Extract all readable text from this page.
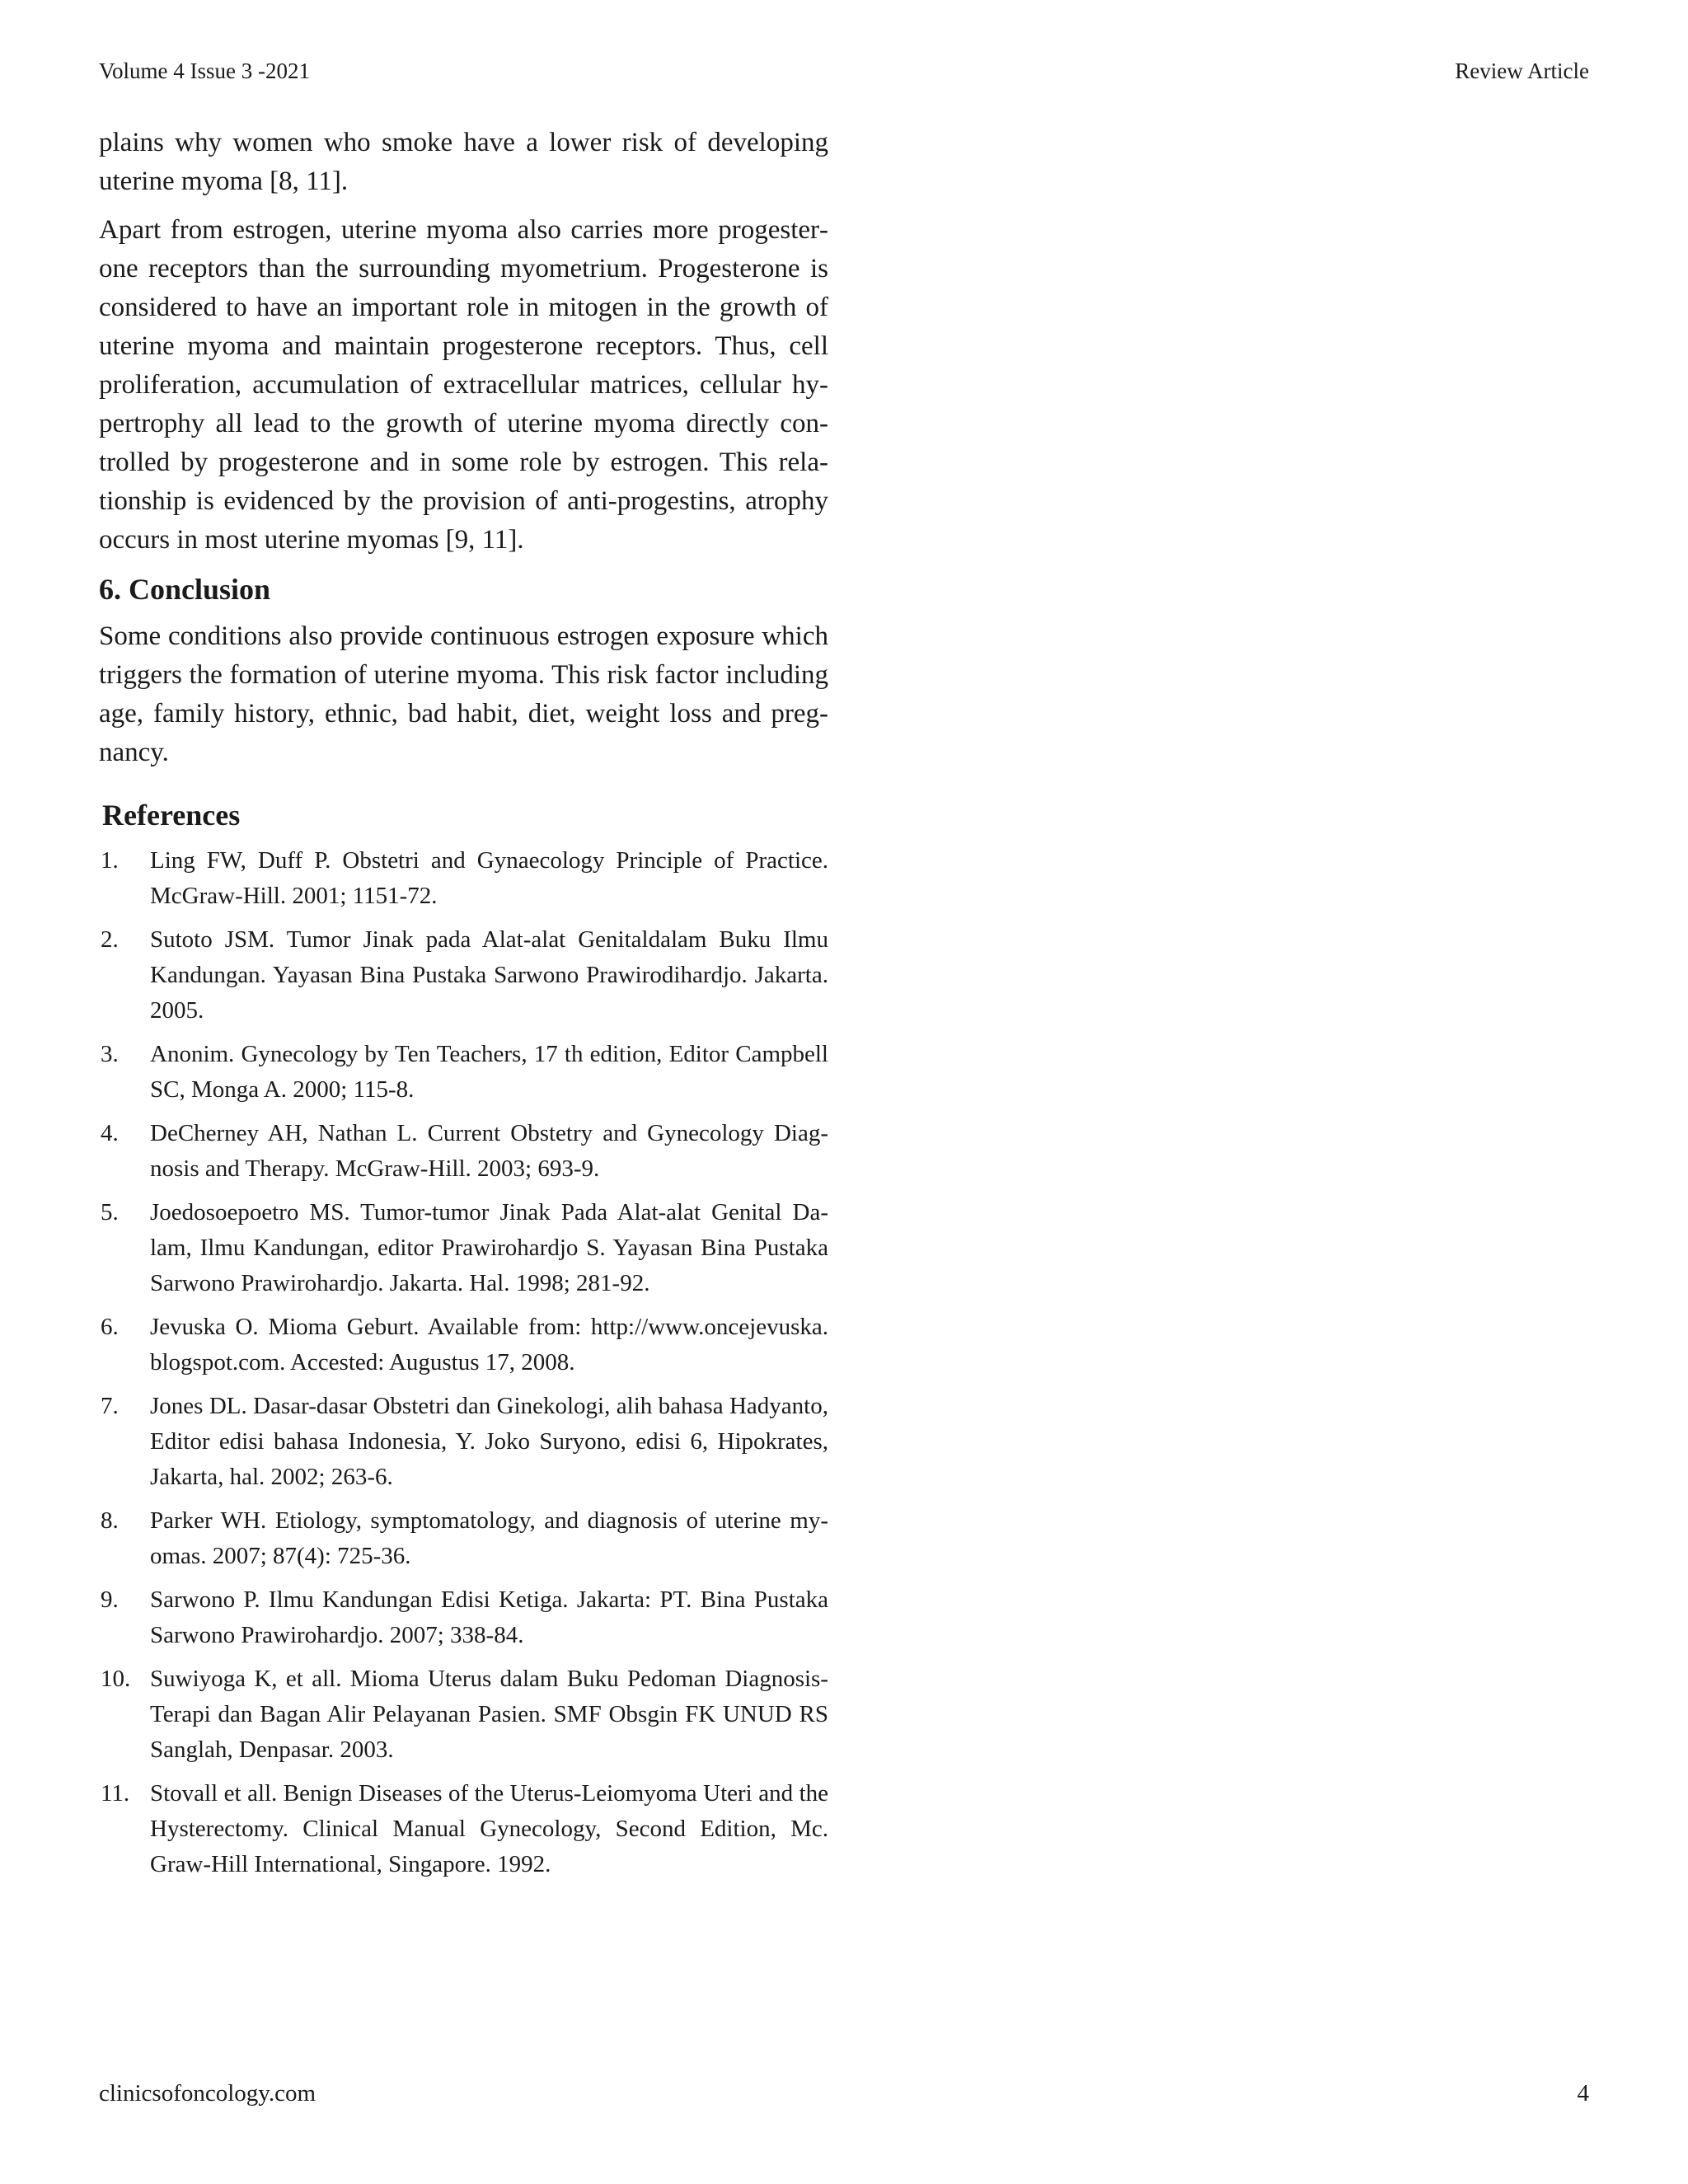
Volume 4 Issue 3 -2021	Review Article

plains why women who smoke have a lower risk of developing uterine myoma [8, 11].

Apart from estrogen, uterine myoma also carries more progesterone receptors than the surrounding myometrium. Progesterone is considered to have an important role in mitogen in the growth of uterine myoma and maintain progesterone receptors. Thus, cell proliferation, accumulation of extracellular matrices, cellular hypertrophy all lead to the growth of uterine myoma directly controlled by progesterone and in some role by estrogen. This relationship is evidenced by the provision of anti-progestins, atrophy occurs in most uterine myomas [9, 11].

6. Conclusion

Some conditions also provide continuous estrogen exposure which triggers the formation of uterine myoma. This risk factor including age, family history, ethnic, bad habit, diet, weight loss and pregnancy.

References
1. Ling FW, Duff P. Obstetri and Gynaecology Principle of Practice. McGraw-Hill. 2001; 1151-72.
2. Sutoto JSM. Tumor Jinak pada Alat-alat Genitaldalam Buku Ilmu Kandungan. Yayasan Bina Pustaka Sarwono Prawirodihardjo. Jakarta. 2005.
3. Anonim. Gynecology by Ten Teachers, 17 th edition, Editor Campbell SC, Monga A. 2000; 115-8.
4. DeCherney AH, Nathan L. Current Obstetry and Gynecology Diagnosis and Therapy. McGraw-Hill. 2003; 693-9.
5. Joedosoepoetro MS. Tumor-tumor Jinak Pada Alat-alat Genital Dalam, Ilmu Kandungan, editor Prawirohardjo S. Yayasan Bina Pustaka Sarwono Prawirohardjo. Jakarta. Hal. 1998; 281-92.
6. Jevuska O. Mioma Geburt. Available from: http://www.oncejevuska.​blogspot.com. Accested: Augustus 17, 2008.
7. Jones DL. Dasar-dasar Obstetri dan Ginekologi, alih bahasa Hadyanto, Editor edisi bahasa Indonesia, Y. Joko Suryono, edisi 6, Hipokrates, Jakarta, hal. 2002; 263-6.
8. Parker WH. Etiology, symptomatology, and diagnosis of uterine myomas. 2007; 87(4): 725-36.
9. Sarwono P. Ilmu Kandungan Edisi Ketiga. Jakarta: PT. Bina Pustaka Sarwono Prawirohardjo. 2007; 338-84.
10. Suwiyoga K, et all. Mioma Uterus dalam Buku Pedoman Diagnosis-Terapi dan Bagan Alir Pelayanan Pasien. SMF Obsgin FK UNUD RS Sanglah, Denpasar. 2003.
11. Stovall et all. Benign Diseases of the Uterus-Leiomyoma Uteri and the Hysterectomy. Clinical Manual Gynecology, Second Edition, Mc. Graw-Hill International, Singapore. 1992.
clinicsofoncology.com	4
